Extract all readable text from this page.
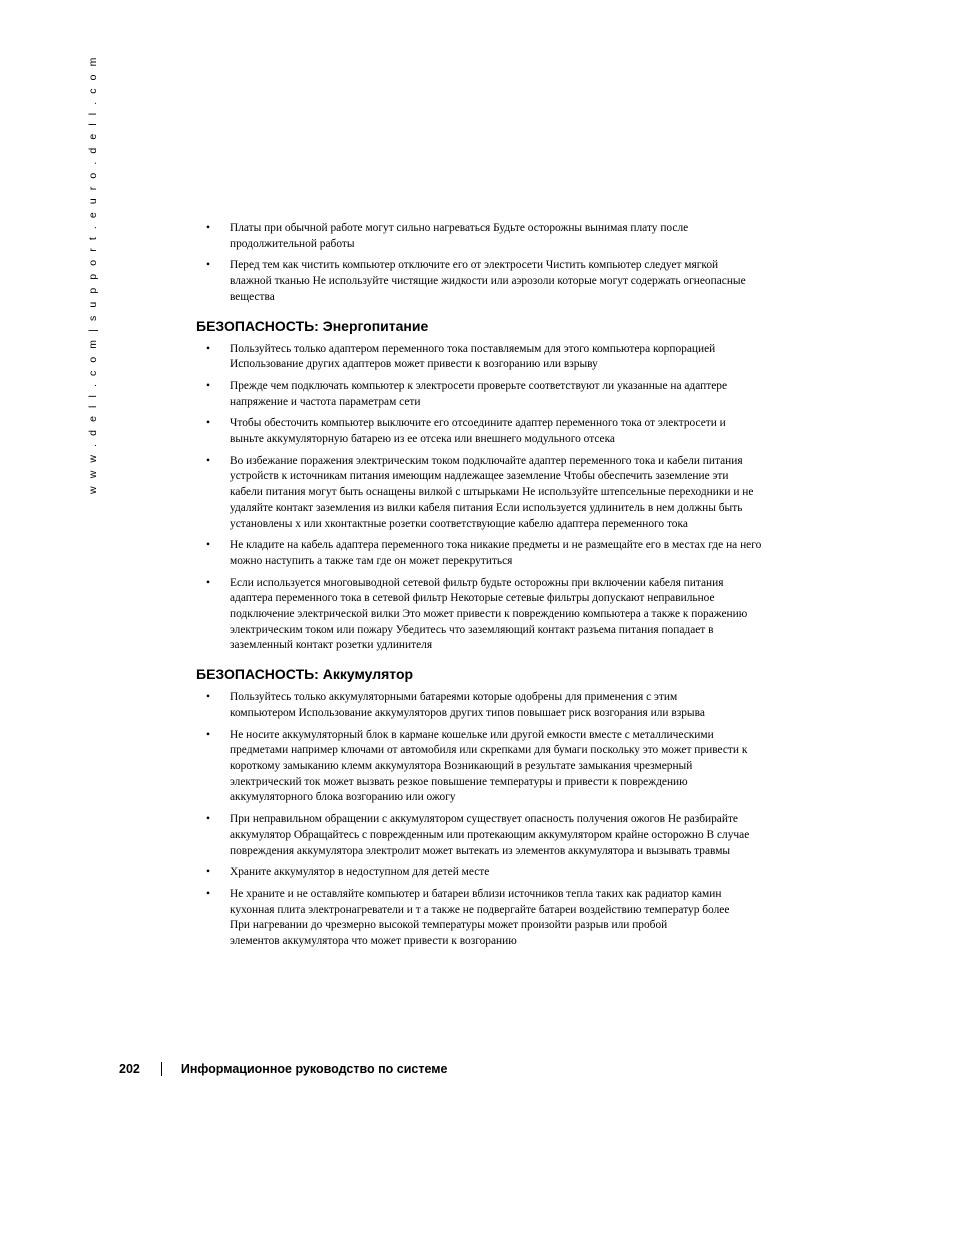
w w w . d e l l . c o m | s u p p o r t . e u r o . d e l l . c o m	• Платы при обычной работе могут сильно нагреваться Будьте осторожны вынимая плату после
продолжительной работы
• Перед тем как чистить компьютер отключите его от электросети Чистить компьютер следует мягкой
влажной тканью Не используйте чистящие жидкости или аэрозоли которые могут содержать огнеопасные
вещества
БЕЗОПАСНОСТЬ: Энергопитание
• Пользуйтесь только адаптером переменного тока поставляемым для этого компьютера корпорацией
Использование других адаптеров может привести к возгоранию или взрыву
• Прежде чем подключать компьютер к электросети проверьте соответствуют ли указанные на адаптере
напряжение и частота параметрам сети
• Чтобы обесточить компьютер выключите его отсоедините адаптер переменного тока от электросети и
выньте аккумуляторную батарею из ее отсека или внешнего модульного отсека
• Во избежание поражения электрическим током подключайте адаптер переменного тока и кабели питания
устройств к источникам питания имеющим надлежащее заземление Чтобы обеспечить заземление эти
кабели питания могут быть оснащены вилкой с штырьками Не используйте штепсельные переходники и не
удаляйте контакт заземления из вилки кабеля питания Если используется удлинитель в нем должны быть
установлены х или хконтактные розетки соответствующие кабелю адаптера переменного тока
• Не кладите на кабель адаптера переменного тока никакие предметы и не размещайте его в местах где на него
можно наступить а также там где он может перекрутиться
• Если используется многовыводной сетевой фильтр будьте осторожны при включении кабеля питания
адаптера переменного тока в сетевой фильтр Некоторые сетевые фильтры допускают неправильное
подключение электрической вилки Это может привести к повреждению компьютера а также к поражению
электрическим током или пожару Убедитесь что заземляющий контакт разъема питания попадает в
заземленный контакт розетки удлинителя
БЕЗОПАСНОСТЬ: Аккумулятор
• Пользуйтесь только аккумуляторными батареями которые одобрены для применения с этим
компьютером Использование аккумуляторов других типов повышает риск возгорания или взрыва
• Не носите аккумуляторный блок в кармане кошельке или другой емкости вместе с металлическими
предметами например ключами от автомобиля или скрепками для бумаги поскольку это может привести к
короткому замыканию клемм аккумулятора Возникающий в результате замыкания чрезмерный
электрический ток может вызвать резкое повышение температуры и привести к повреждению
аккумуляторного блока возгоранию или ожогу
• При неправильном обращении с аккумулятором существует опасность получения ожогов Не разбирайте
аккумулятор Обращайтесь с поврежденным или протекающим аккумулятором крайне осторожно В случае
повреждения аккумулятора электролит может вытекать из элементов аккумулятора и вызывать травмы
• Храните аккумулятор в недоступном для детей месте
• Не храните и не оставляйте компьютер и батареи вблизи источников тепла таких как радиатор камин
кухонная плита электронагреватели и т а также не подвергайте батареи воздействию температур более
При нагревании до чрезмерно высокой температуры может произойти разрыв или пробой
элементов аккумулятора что может привести к возгоранию
202	Информационное руководство по системе
